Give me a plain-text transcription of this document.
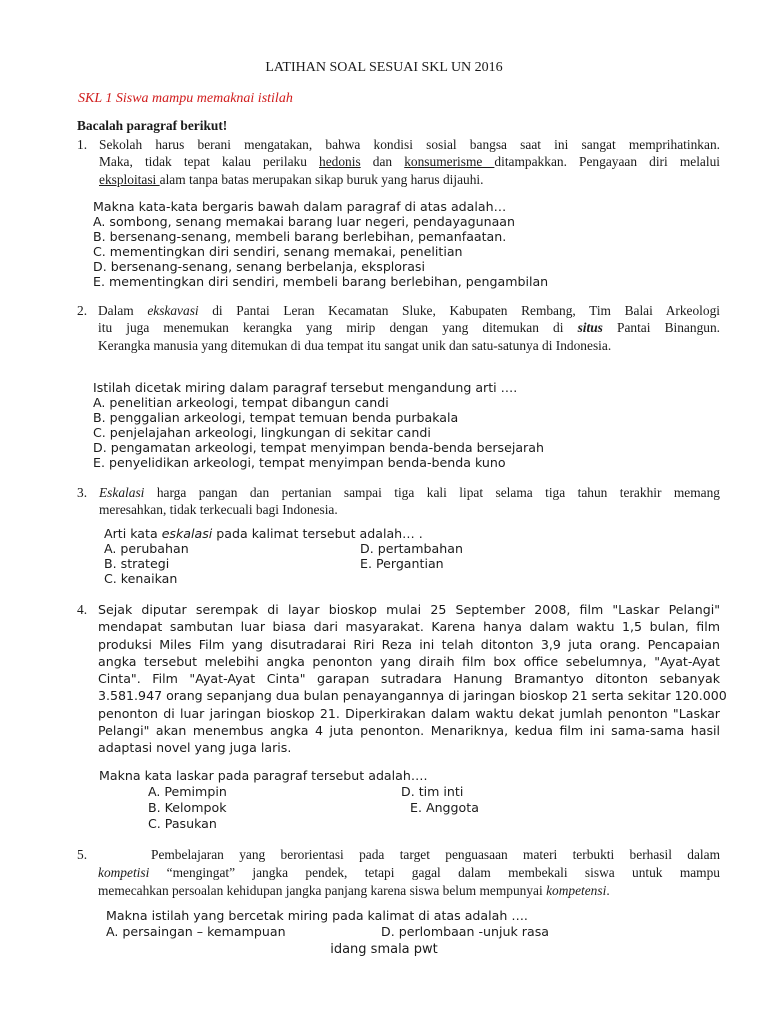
LATIHAN SOAL SESUAI SKL UN 2016
SKL 1 Siswa mampu memaknai istilah
Bacalah paragraf berikut!
1. Sekolah harus berani mengatakan, bahwa kondisi sosial bangsa saat ini sangat memprihatinkan.
Maka, tidak tepat kalau perilaku hedonis dan konsumerisme ditampakkan. Pengayaan diri melalui
eksploitasi alam tanpa batas merupakan sikap buruk yang harus dijauhi.
Makna kata-kata bergaris bawah dalam paragraf di atas adalah…
A. sombong, senang memakai barang luar negeri, pendayagunaan
B. bersenang-senang, membeli barang berlebihan, pemanfaatan.
C. mementingkan diri sendiri, senang memakai, penelitian
D. bersenang-senang, senang berbelanja, eksplorasi
E. mementingkan diri sendiri, membeli barang berlebihan, pengambilan
2. Dalam ekskavasi di Pantai Leran Kecamatan Sluke, Kabupaten Rembang, Tim Balai Arkeologi
itu juga menemukan kerangka yang mirip dengan yang ditemukan di situs Pantai Binangun.
Kerangka manusia yang ditemukan di dua tempat itu sangat unik dan satu-satunya di Indonesia.
Istilah dicetak miring dalam paragraf tersebut mengandung arti ….
A. penelitian arkeologi, tempat dibangun candi
B. penggalian arkeologi, tempat temuan benda purbakala
C. penjelajahan arkeologi, lingkungan di sekitar candi
D. pengamatan arkeologi, tempat menyimpan benda-benda bersejarah
E. penyelidikan arkeologi, tempat menyimpan benda-benda kuno
3. Eskalasi harga pangan dan pertanian sampai tiga kali lipat selama tiga tahun terakhir memang
meresahkan, tidak terkecuali bagi Indonesia.
Arti kata eskalasi pada kalimat tersebut adalah… .
A. perubahan
B. strategi
C. kenaikan
D. pertambahan
E. Pergantian
4. Sejak diputar serempak di layar bioskop mulai 25 September 2008, film "Laskar Pelangi"
mendapat sambutan luar biasa dari masyarakat. Karena hanya dalam waktu 1,5 bulan, film
produksi Miles Film yang disutradarai Riri Reza ini telah ditonton 3,9 juta orang. Pencapaian
angka tersebut melebihi angka penonton yang diraih film box office sebelumnya, "Ayat-Ayat
Cinta". Film "Ayat-Ayat Cinta" garapan sutradara Hanung Bramantyo ditonton sebanyak
3.581.947 orang sepanjang dua bulan penayangannya di jaringan bioskop 21 serta sekitar 120.000
penonton di luar jaringan bioskop 21. Diperkirakan dalam waktu dekat jumlah penonton "Laskar
Pelangi" akan menembus angka 4 juta penonton. Menariknya, kedua film ini sama-sama hasil
adaptasi novel yang juga laris.
Makna kata laskar pada paragraf tersebut adalah….
A. Pemimpin
B. Kelompok
C. Pasukan
D. tim inti
E. Anggota
5.	Pembelajaran yang berorientasi pada target penguasaan materi terbukti berhasil dalam
kompetisi “mengingat” jangka pendek, tetapi gagal dalam membekali siswa untuk mampu
memecahkan persoalan kehidupan jangka panjang karena siswa belum mempunyai kompetensi.
Makna istilah yang bercetak miring pada kalimat di atas adalah ….
A. persaingan – kemampuan	D. perlombaan -unjuk rasa
idang smala pwt
